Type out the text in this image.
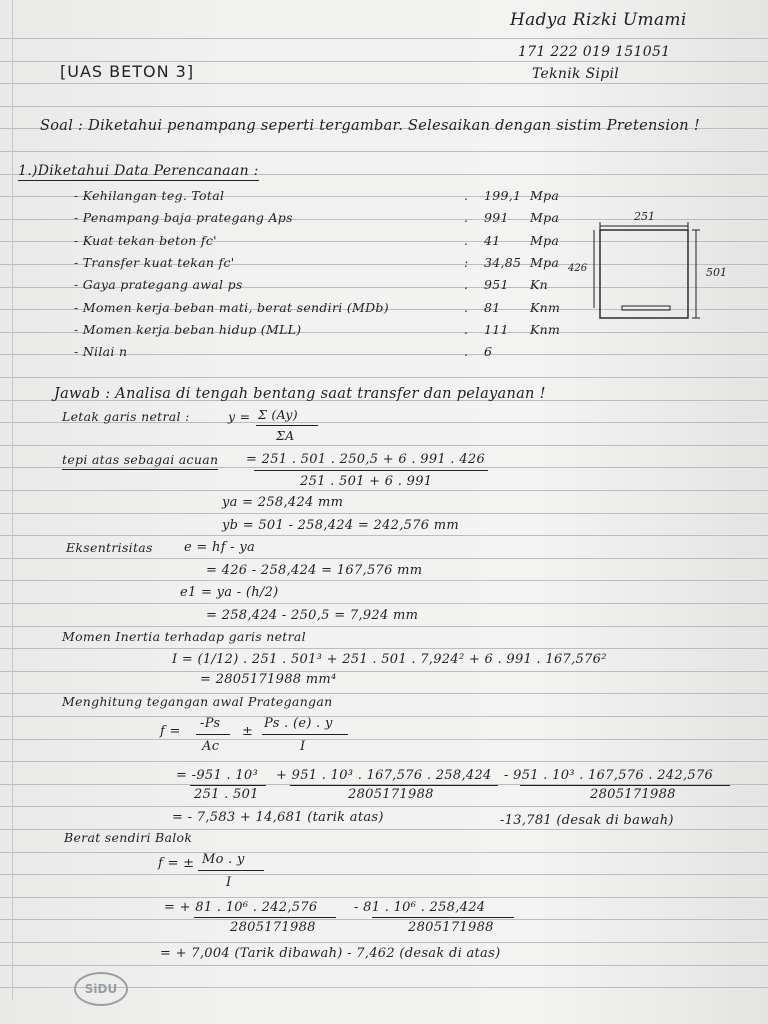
Hadya Rizki Umami
171 222 019 151051
Teknik Sipil
[UAS BETON 3]
Soal : Diketahui penampang seperti tergambar. Selesaikan dengan sistim Pretension !
1.)Diketahui Data Perencanaan :
- Kehilangan teg. Total	. 199,1 Mpa
- Penampang baja prategang Aps	. 991 Mpa
- Kuat tekan beton fc'	. 41 Mpa
- Transfer kuat tekan fc'	: 34,85 Mpa
- Gaya prategang awal ps	. 951 Kn
- Momen kerja beban mati, berat sendiri (MDb)	. 81 Knm
- Momen kerja beban hidup (MLL)	. 111 Knm
- Nilai n	. 6
251
426	501
Jawab : Analisa di tengah bentang saat transfer dan pelayanan !
Letak garis netral :	y = Σ (Ay)
ΣA
tepi atas sebagai acuan = 251 . 501 . 250,5 + 6 . 991 . 426
251 . 501 + 6 . 991
ya = 258,424 mm
yb = 501 - 258,424 = 242,576 mm
Eksentrisitas e = hf - ya
= 426 - 258,424 = 167,576 mm
e1 = ya - (h/2)
= 258,424 - 250,5 = 7,924 mm
Momen Inertia terhadap garis netral
I = (1/12) . 251 . 501³ + 251 . 501 . 7,924² + 6 . 991 . 167,576²
= 2805171988 mm⁴
Menghitung tegangan awal Prategangan
f =
-Ps
Ac
±
Ps . (e) . y
I
= -951 . 10³
251 . 501
+ 951 . 10³ . 167,576 . 258,424
2805171988
- 951 . 10³ . 167,576 . 242,576
2805171988
= - 7,583 + 14,681 (tarik atas)	-13,781 (desak di bawah)
Berat sendiri Balok
f = ± Mo . y
I
= + 81 . 10⁶ . 242,576
2805171988
- 81 . 10⁶ . 258,424
2805171988
= + 7,004 (Tarik dibawah) - 7,462 (desak di atas)
SiDU
